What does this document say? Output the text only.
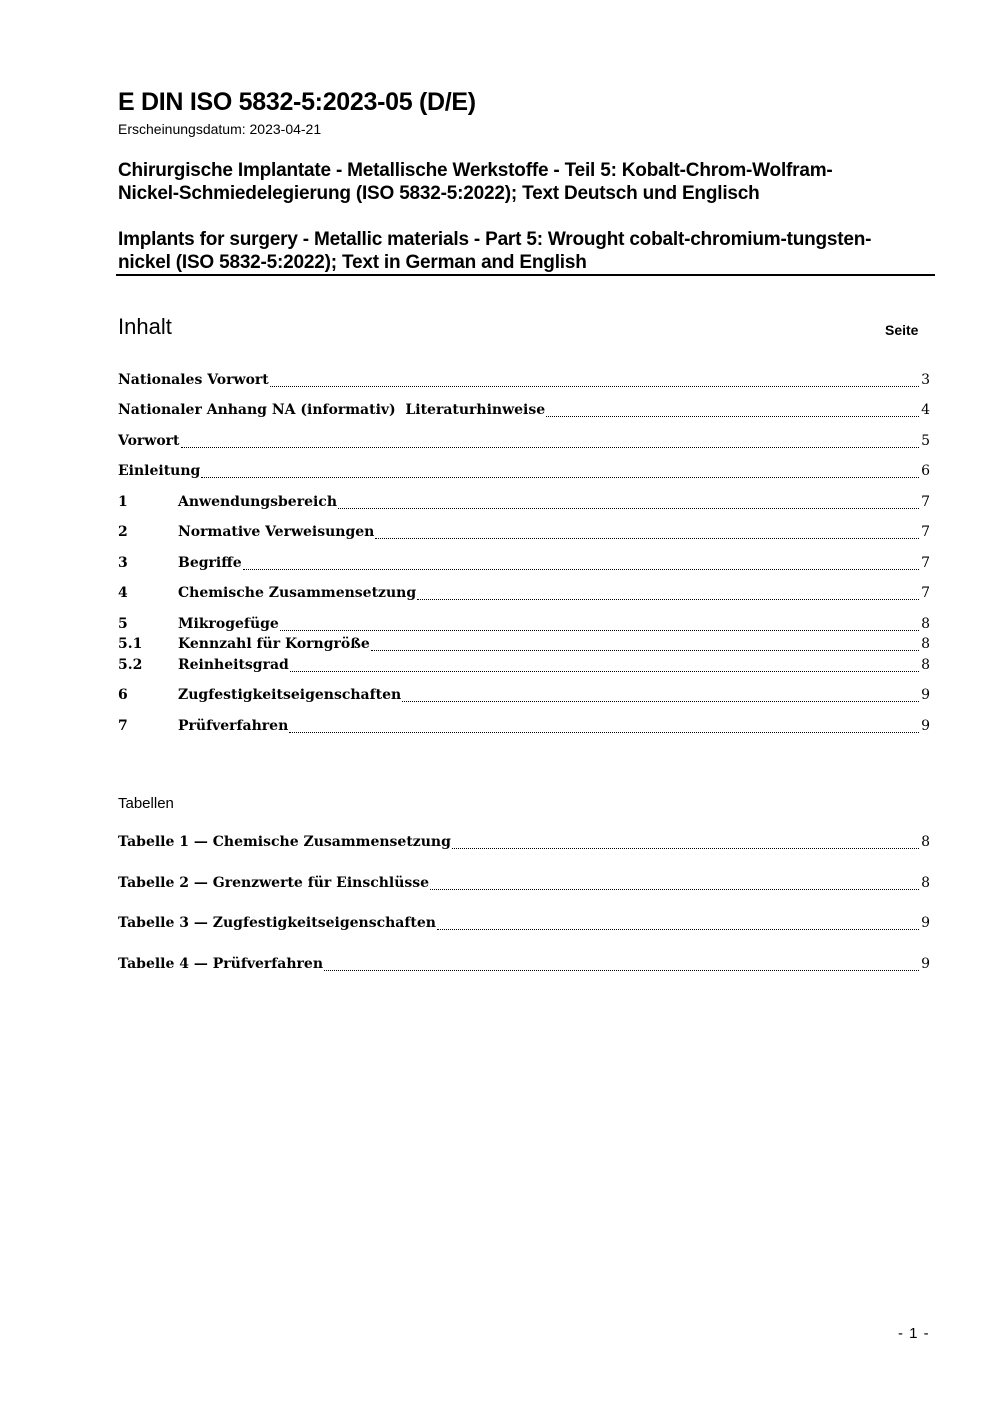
E DIN ISO 5832-5:2023-05 (D/E)
Erscheinungsdatum: 2023-04-21
Chirurgische Implantate - Metallische Werkstoffe - Teil 5: Kobalt-Chrom-Wolfram-
Nickel-Schmiedelegierung (ISO 5832-5:2022); Text Deutsch und Englisch
Implants for surgery - Metallic materials - Part 5: Wrought cobalt-chromium-tungsten-
nickel (ISO 5832-5:2022); Text in German and English
Inhalt	Seite
Nationales Vorwort	3
Nationaler Anhang NA (informativ)  Literaturhinweise	4
Vorwort	5
Einleitung	6
1	Anwendungsbereich	7
2	Normative Verweisungen	7
3	Begriffe	7
4	Chemische Zusammensetzung	7
5	Mikrogefüge	8
5.1	Kennzahl für Korngröße	8
5.2	Reinheitsgrad	8
6	Zugfestigkeitseigenschaften	9
7	Prüfverfahren	9
Tabellen
Tabelle 1 — Chemische Zusammensetzung	8
Tabelle 2 — Grenzwerte für Einschlüsse	8
Tabelle 3 — Zugfestigkeitseigenschaften	9
Tabelle 4 — Prüfverfahren	9
- 1 -
